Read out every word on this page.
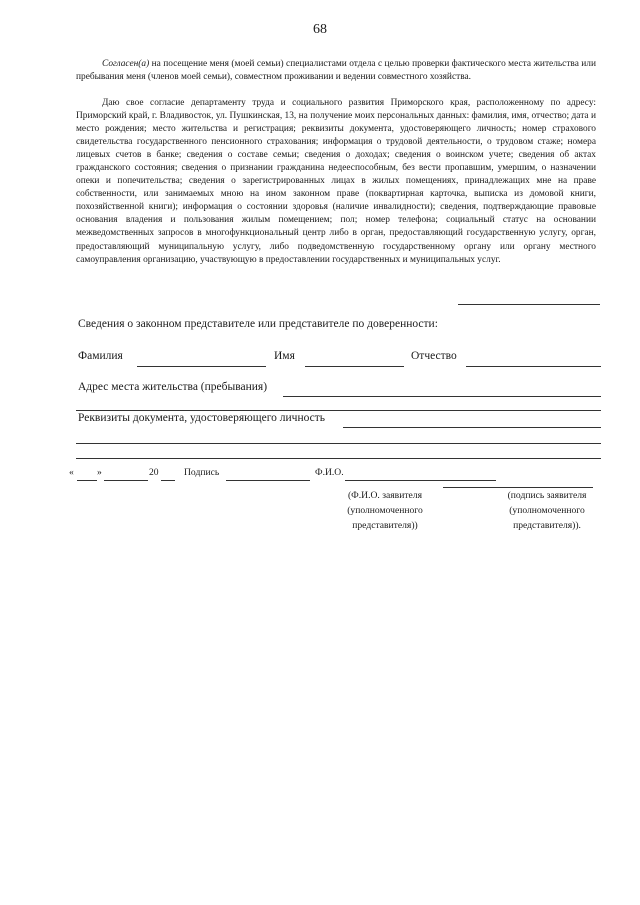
68

Согласен(а) на посещение меня (моей семьи) специалистами отдела с целью проверки фактического места жительства или пребывания меня (членов моей семьи), совместном проживании и ведении совместного хозяйства.

Даю свое согласие департаменту труда и социального развития Приморского края, расположенному по адресу: Приморский край, г. Владивосток, ул. Пушкинская, 13, на получение моих персональных данных: фамилия, имя, отчество; дата и место рождения; место жительства и регистрация; реквизиты документа, удостоверяющего личность; номер страхового свидетельства государственного пенсионного страхования; информация о трудовой деятельности, о трудовом стаже; номера лицевых счетов в банке; сведения о составе семьи; сведения о доходах; сведения о воинском учете; сведения об актах гражданского состояния; сведения о признании гражданина недееспособным, без вести пропавшим, умершим, о назначении опеки и попечительства; сведения о зарегистрированных лицах в жилых помещениях, принадлежащих мне на праве собственности, или занимаемых мною на ином законном праве (поквартирная карточка, выписка из домовой книги, похозяйственной книги); информация о состоянии здоровья (наличие инвалидности); сведения, подтверждающие правовые основания владения и пользования жилым помещением; пол; номер телефона; социальный статус на основании межведомственных запросов в многофункциональный центр либо в орган, предоставляющий государственную услугу, орган, предоставляющий муниципальную услугу, либо подведомственную государственному органу или органу местного самоуправления организацию, участвующую в предоставлении государственных и муниципальных услуг.

Сведения о законном представителе или представителе по доверенности:
Фамилия	Имя	Отчество
Адрес места жительства (пребывания)
Реквизиты документа, удостоверяющего личность
« »	20	Подпись	Ф.И.О.
(Ф.И.О. заявителя
(уполномоченного
представителя))
(подпись заявителя
(уполномоченного
представителя)).
